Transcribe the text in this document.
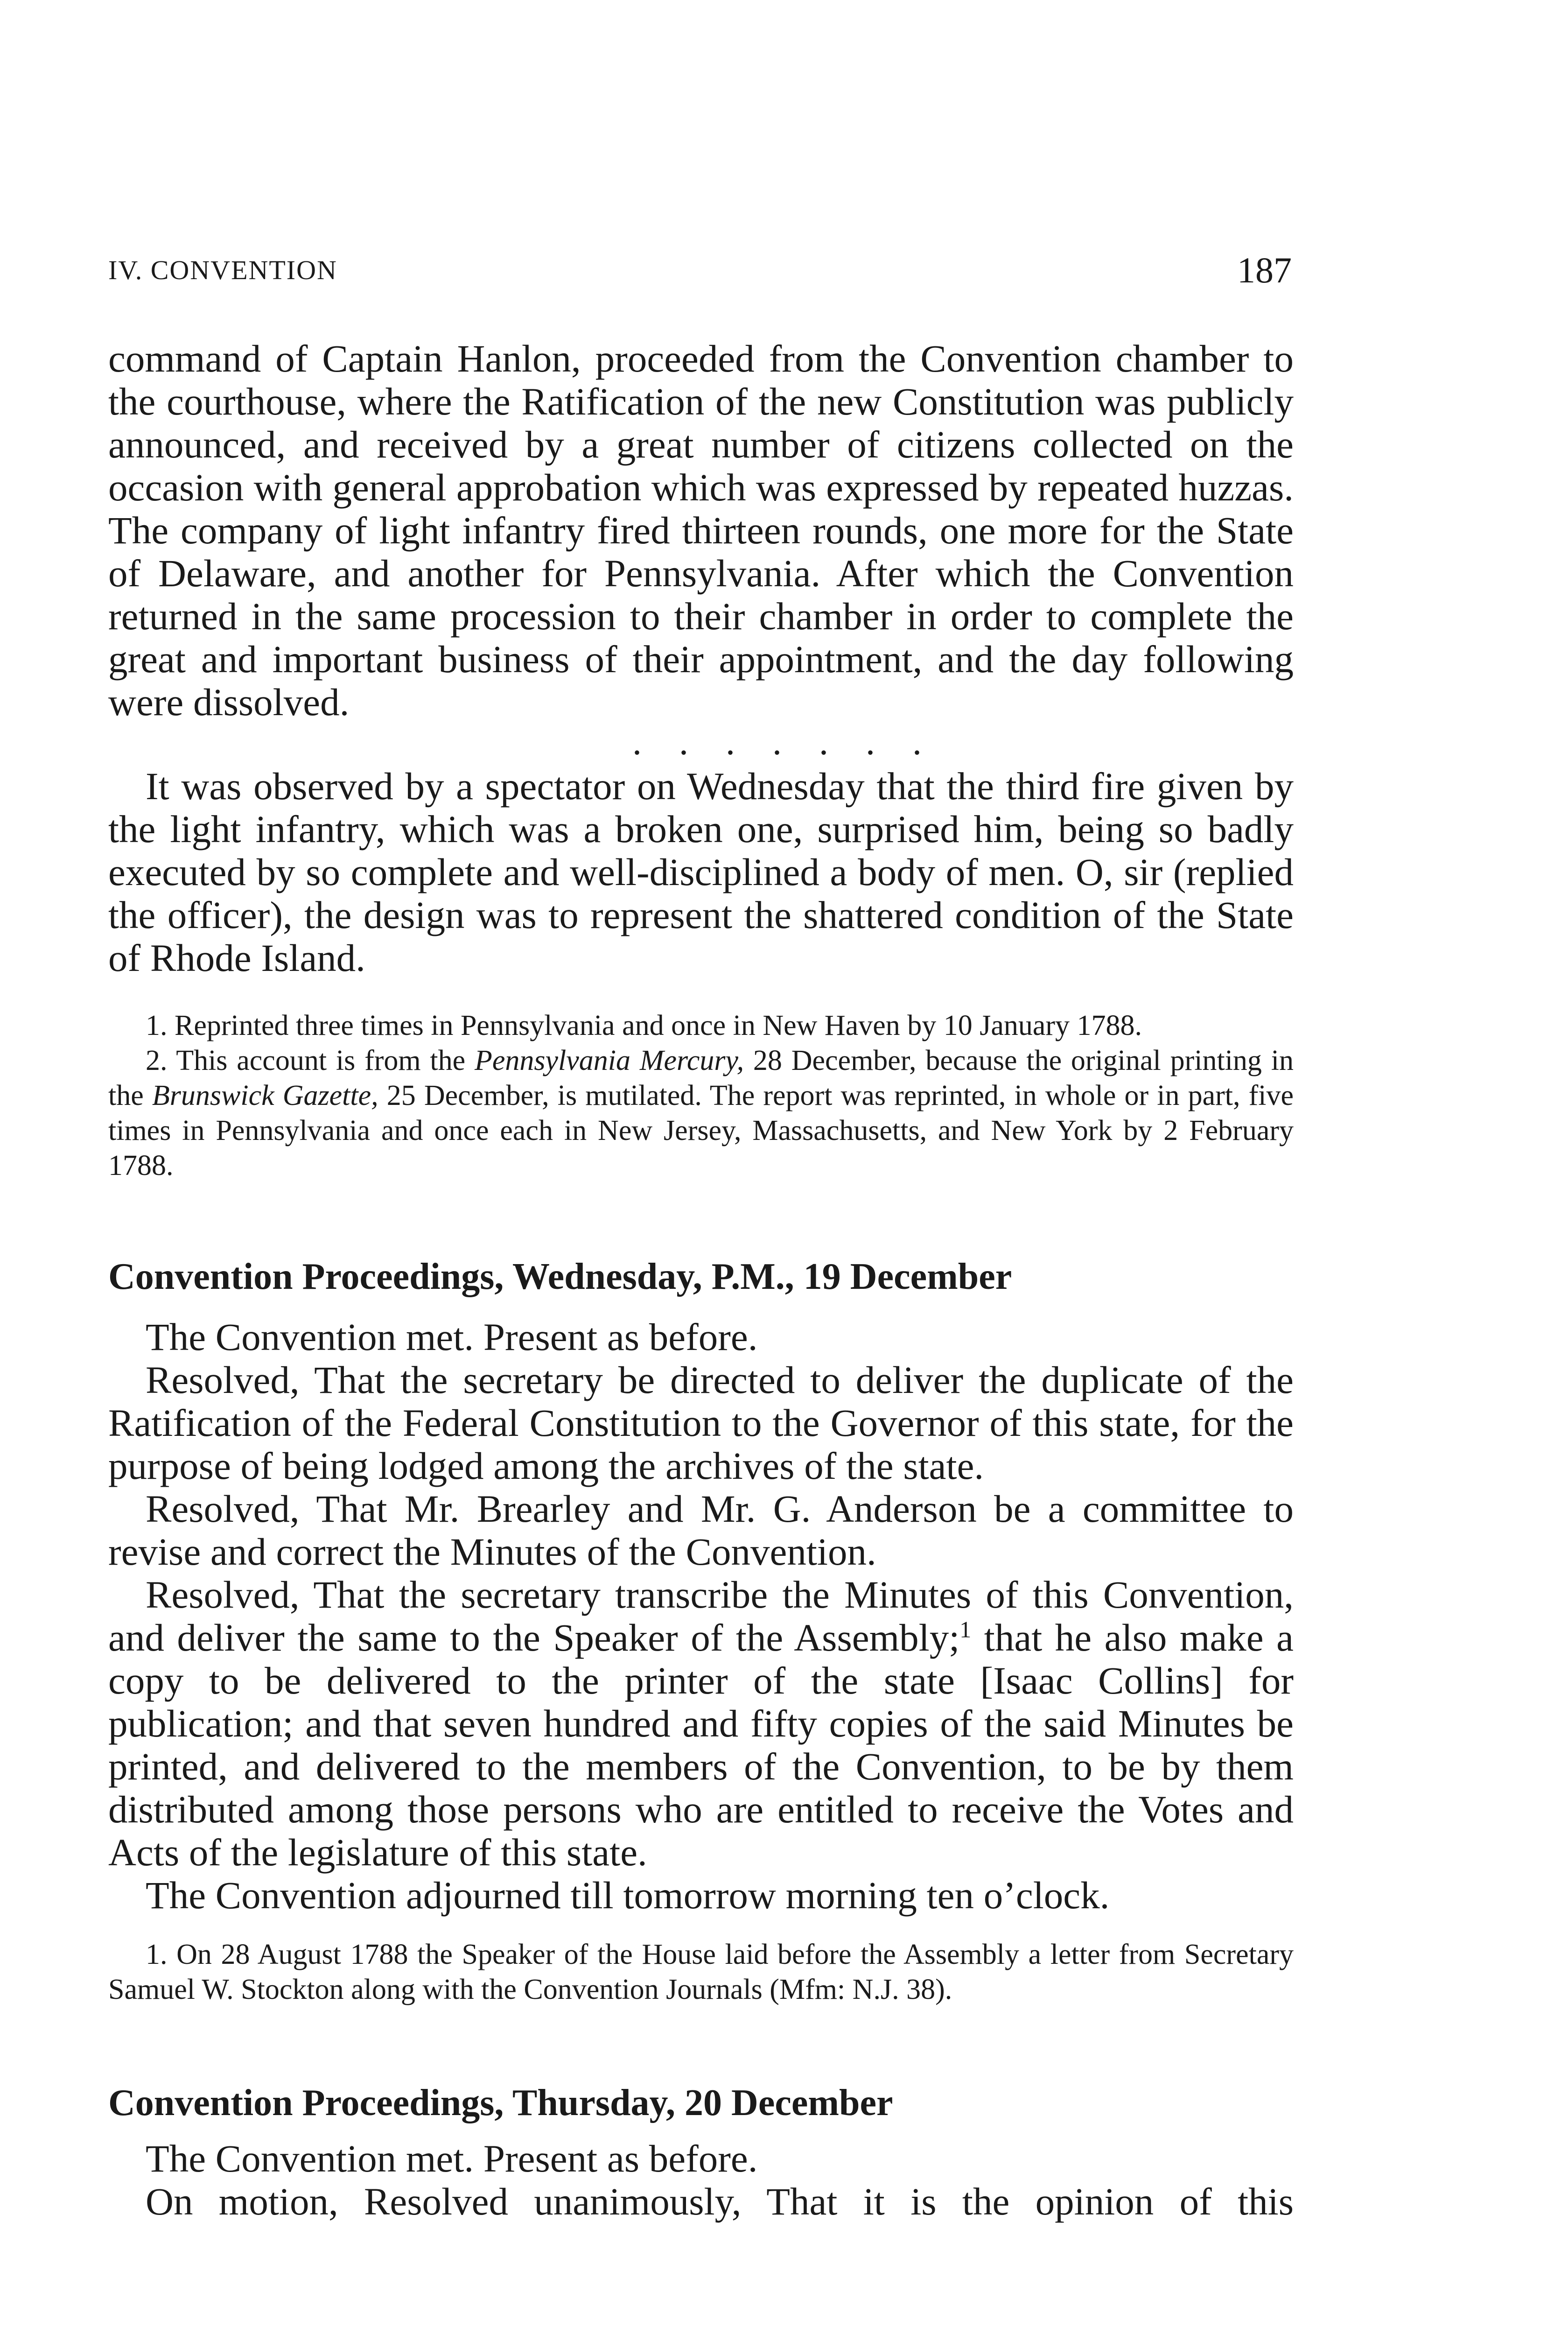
IV. CONVENTION	187

command of Captain Hanlon, proceeded from the Convention chamber to the courthouse, where the Ratification of the new Constitution was publicly announced, and received by a great number of citizens collected on the occasion with general approbation which was expressed by repeated huzzas. The company of light infantry fired thirteen rounds, one more for the State of Delaware, and another for Pennsylvania. After which the Convention returned in the same procession to their chamber in order to complete the great and important business of their appointment, and the day following were dissolved.

. . . . . . .

It was observed by a spectator on Wednesday that the third fire given by the light infantry, which was a broken one, surprised him, being so badly executed by so complete and well-disciplined a body of men. O, sir (replied the officer), the design was to represent the shattered condition of the State of Rhode Island.

1. Reprinted three times in Pennsylvania and once in New Haven by 10 January 1788.

2. This account is from the Pennsylvania Mercury, 28 December, because the original printing in the Brunswick Gazette, 25 December, is mutilated. The report was reprinted, in whole or in part, five times in Pennsylvania and once each in New Jersey, Massachusetts, and New York by 2 February 1788.

Convention Proceedings, Wednesday, P.M., 19 December

The Convention met. Present as before.

Resolved, That the secretary be directed to deliver the duplicate of the Ratification of the Federal Constitution to the Governor of this state, for the purpose of being lodged among the archives of the state.

Resolved, That Mr. Brearley and Mr. G. Anderson be a committee to revise and correct the Minutes of the Convention.

Resolved, That the secretary transcribe the Minutes of this Convention, and deliver the same to the Speaker of the Assembly;$^1$ that he also make a copy to be delivered to the printer of the state [Isaac Collins] for publication; and that seven hundred and fifty copies of the said Minutes be printed, and delivered to the members of the Convention, to be by them distributed among those persons who are entitled to receive the Votes and Acts of the legislature of this state.

The Convention adjourned till tomorrow morning ten o’clock.

1. On 28 August 1788 the Speaker of the House laid before the Assembly a letter from Secretary Samuel W. Stockton along with the Convention Journals (Mfm: N.J. 38).

Convention Proceedings, Thursday, 20 December

The Convention met. Present as before.

On motion, Resolved unanimously, That it is the opinion of this
